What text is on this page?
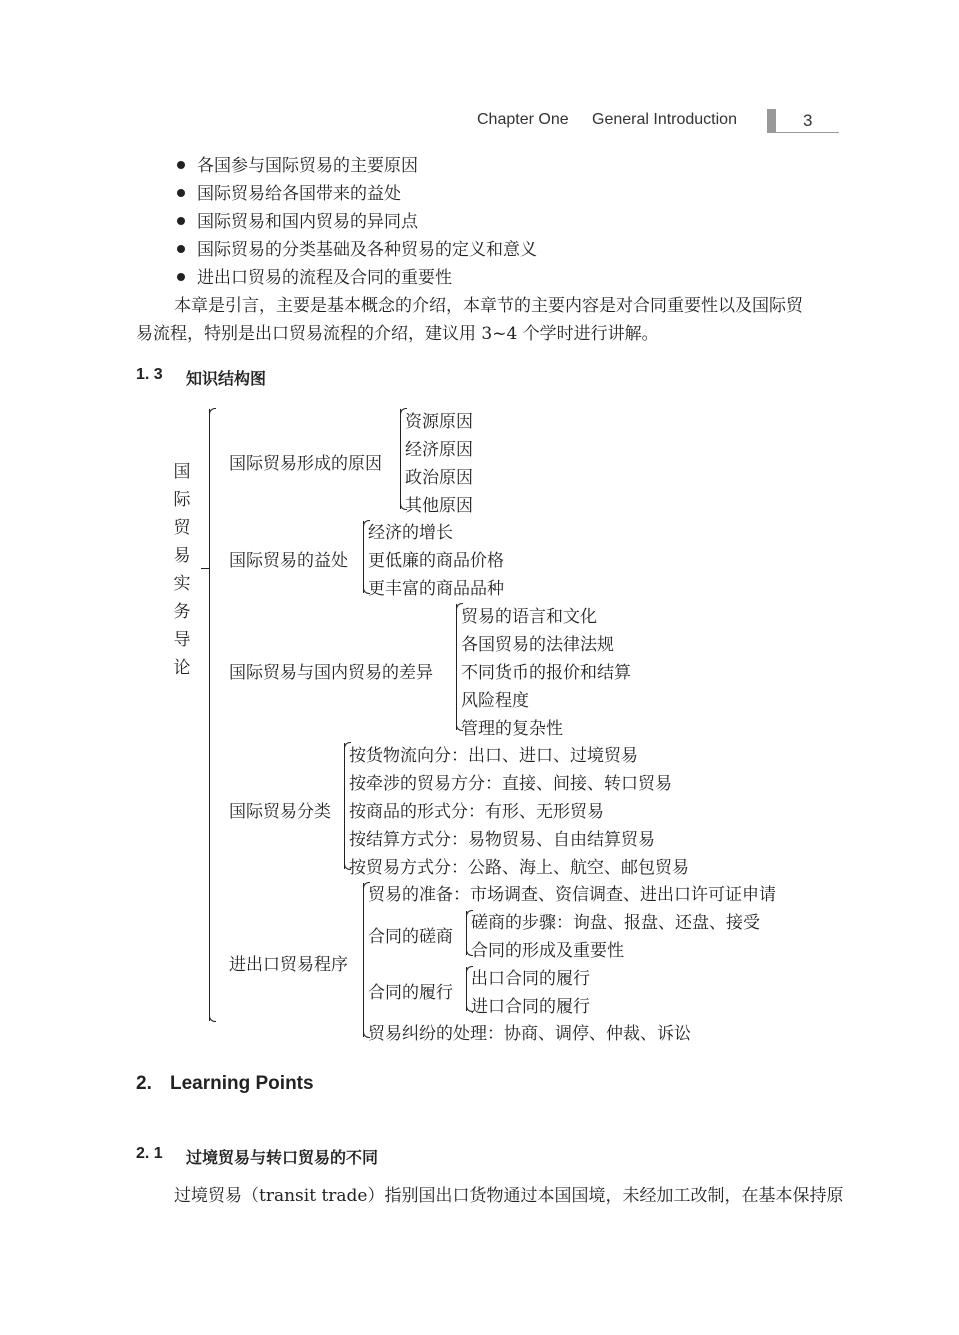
Chapter One General Introduction	3
各国参与国际贸易的主要原因
国际贸易给各国带来的益处
国际贸易和国内贸易的异同点
国际贸易的分类基础及各种贸易的定义和意义
进出口贸易的流程及合同的重要性
本章是引言，主要是基本概念的介绍，本章节的主要内容是对合同重要性以及国际贸
易流程，特别是出口贸易流程的介绍，建议用 3~4 个学时进行讲解。
1. 3 知识结构图
国
际
贸
易
实
务
导
论
国际贸易形成的原因
资源原因
经济原因
政治原因
其他原因
国际贸易的益处
经济的增长
更低廉的商品价格
更丰富的商品品种
国际贸易与国内贸易的差异
贸易的语言和文化
各国贸易的法律法规
不同货币的报价和结算
风险程度
管理的复杂性
国际贸易分类
按货物流向分：出口、进口、过境贸易
按牵涉的贸易方分：直接、间接、转口贸易
按商品的形式分：有形、无形贸易
按结算方式分：易物贸易、自由结算贸易
按贸易方式分：公路、海上、航空、邮包贸易
进出口贸易程序
贸易的准备：市场调查、资信调查、进出口许可证申请
合同的磋商
磋商的步骤：询盘、报盘、还盘、接受
合同的形成及重要性
合同的履行
出口合同的履行
进口合同的履行
贸易纠纷的处理：协商、调停、仲裁、诉讼
2. Learning Points
2. 1 过境贸易与转口贸易的不同
过境贸易（transit trade）指别国出口货物通过本国国境，未经加工改制，在基本保持原
